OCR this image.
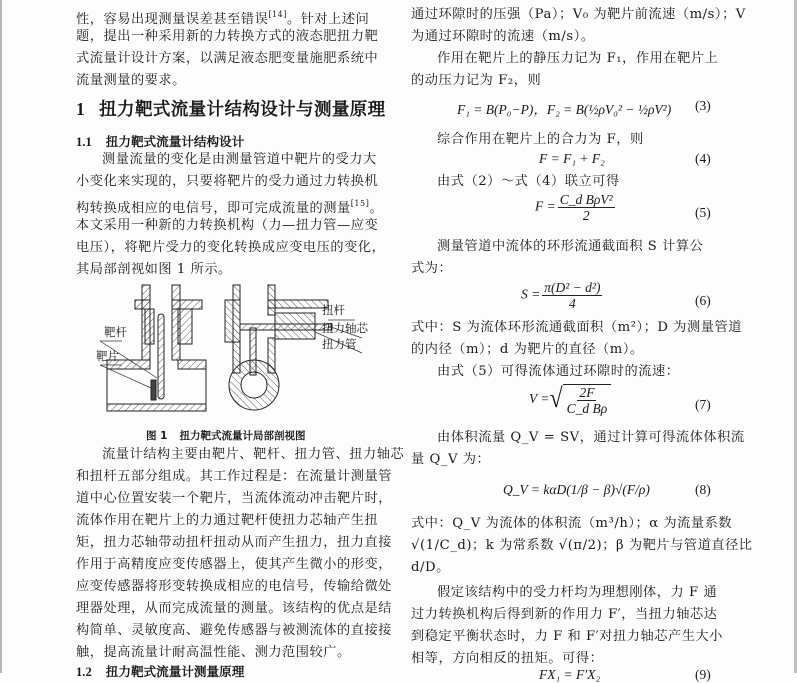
性，容易出现测量误差甚至错误[14]。针对上述问
题，提出一种采用新的力转换方式的液态肥扭力靶
式流量计设计方案，以满足液态肥变量施肥系统中
流量测量的要求。
1 扭力靶式流量计结构设计与测量原理
1.1 扭力靶式流量计结构设计
测量流量的变化是由测量管道中靶片的受力大
小变化来实现的，只要将靶片的受力通过力转换机
构转换成相应的电信号，即可完成流量的测量[15]。
本文采用一种新的力转换机构（力—扭力管—应变
电压），将靶片受力的变化转换成应变电压的变化，
其局部剖视如图 1 所示。
靶杆
靶片
扭杆
扭力轴芯
扭力管
图 1 扭力靶式流量计局部剖视图
流量计结构主要由靶片、靶杆、扭力管、扭力轴芯
和扭杆五部分组成。其工作过程是：在流量计测量管
道中心位置安装一个靶片，当流体流动冲击靶片时，
流体作用在靶片上的力通过靶杆使扭力芯轴产生扭
矩，扭力芯轴带动扭杆扭动从而产生扭力，扭力直接
作用于高精度应变传感器上，使其产生微小的形变，
应变传感器将形变转换成相应的电信号，传输给微处
理器处理，从而完成流量的测量。该结构的优点是结
构简单、灵敏度高、避免传感器与被测流体的直接接
触，提高流量计耐高温性能、测力范围较广。
1.2 扭力靶式流量计测量原理
通过环隙时的压强（Pa）；V₀ 为靶片前流速（m/s）；V
为通过环隙时的流速（m/s）。
作用在靶片上的静压力记为 F₁，作用在靶片上
的动压力记为 F₂，则
F₁ = B(P₀−P)，F₂ = B(½ρV₀² − ½ρV²) (3)
综合作用在靶片上的合力为 F，则
F = F₁ + F₂	(4)
由式（2）～式（4）联立可得
$F = \frac{\text{C\_d BρV²}}{2}$	(5)
测量管道中流体的环形流通截面积 S 计算公
式为：
$S = \frac{\text{π(D² − d²)}}{4}$	(6)
式中：S 为流体环形流通截面积（m²）；D 为测量管道
的内径（m）；d 为靶片的直径（m）。
由式（5）可得流体通过环隙时的流速：
V = √ $\frac{2F}{\text{C\_d Bρ}}$	(7)
由体积流量 Q_V = SV，通过计算可得流体体积流
量 Q_V 为：
Q_V = kαD(1/β − β)√(F/ρ)	(8)
式中：Q_V 为流体的体积流（m³/h）；α 为流量系数
√(1/C_d)；k 为常系数 √(π/2)；β 为靶片与管道直径比
d/D。
假定该结构中的受力杆均为理想刚体，力 F 通
过力转换机构后得到新的作用力 F′，当扭力轴芯达
到稳定平衡状态时，力 F 和 F′对扭力轴芯产生大小
相等，方向相反的扭矩。可得：
FX₁ = F′X₂	(9)
